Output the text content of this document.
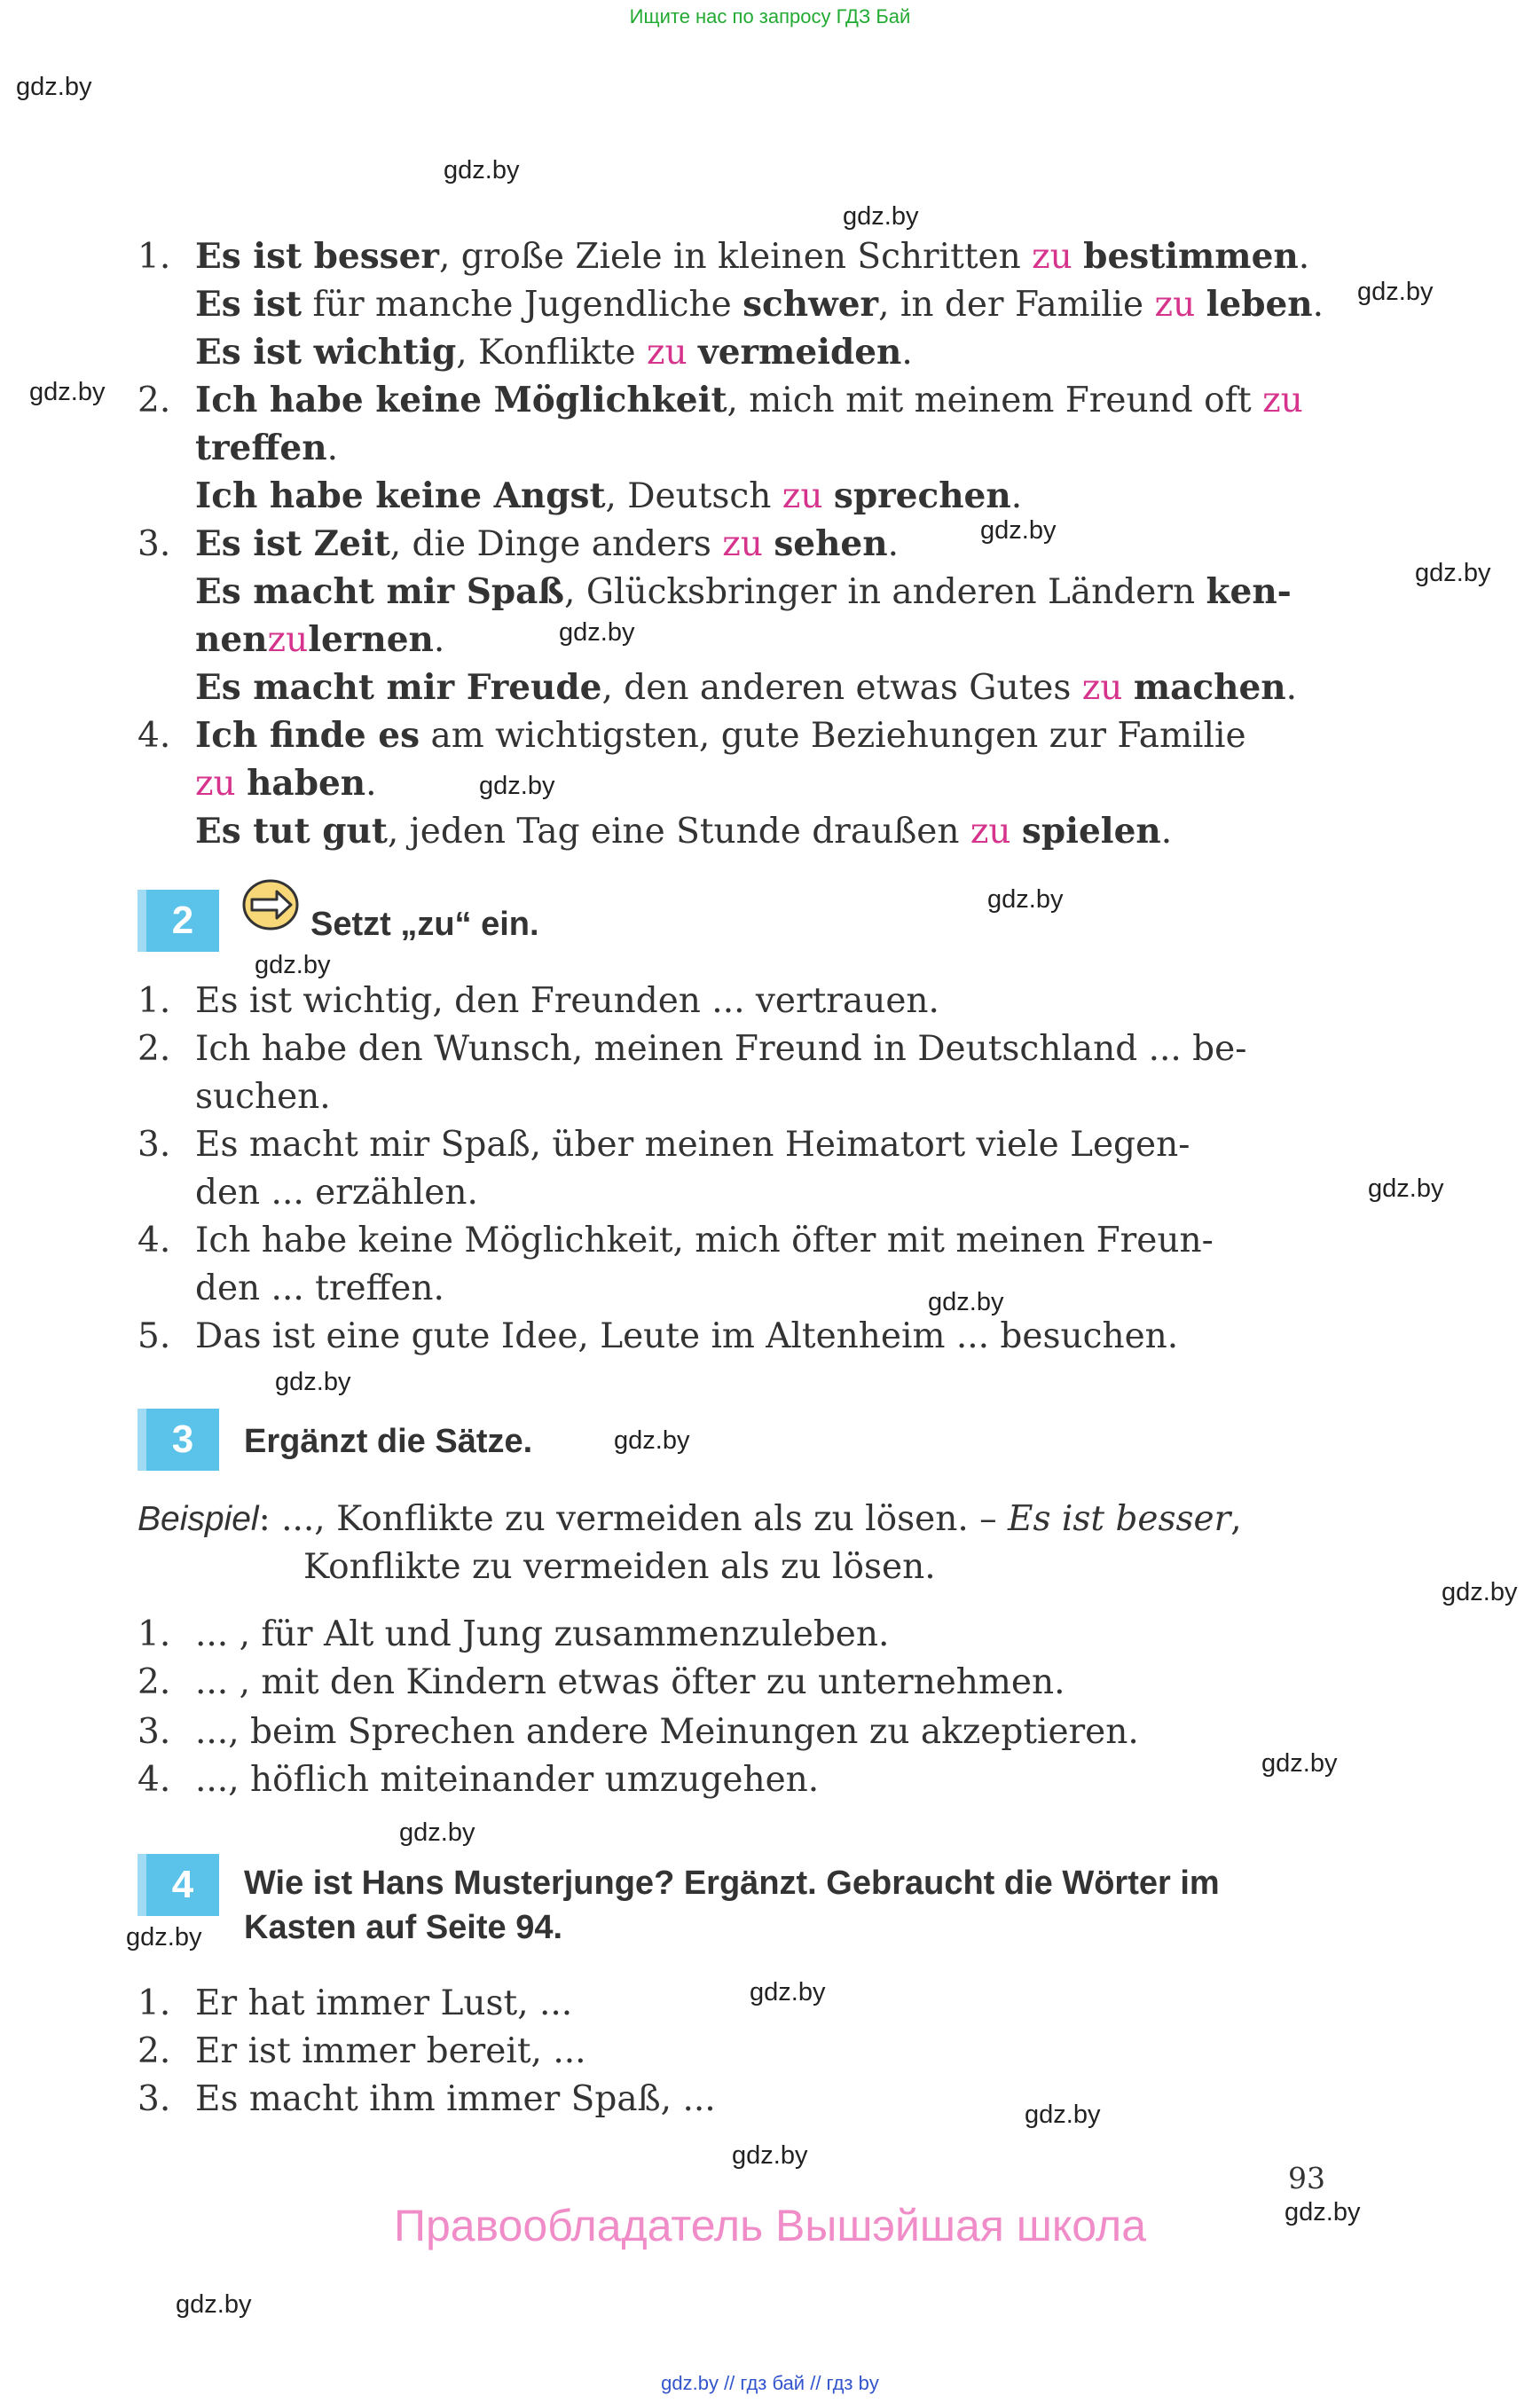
Ищите нас по запросу ГДЗ Бай
gdz.by
gdz.by
gdz.by
gdz.by
gdz.by
gdz.by
gdz.by
gdz.by
gdz.by
gdz.by
gdz.by
gdz.by
gdz.by
gdz.by
gdz.by
gdz.by
gdz.by
gdz.by
gdz.by
gdz.by
gdz.by
gdz.by
gdz.by
gdz.by
1. Es ist besser, große Ziele in kleinen Schritten zu bestimmen.
Es ist für manche Jugendliche schwer, in der Familie zu leben.
Es ist wichtig, Konflikte zu vermeiden.
2. Ich habe keine Möglichkeit, mich mit meinem Freund oft zu
treffen.
Ich habe keine Angst, Deutsch zu sprechen.
3. Es ist Zeit, die Dinge anders zu sehen.
Es macht mir Spaß, Glücksbringer in anderen Ländern ken-
nenzulernen.
Es macht mir Freude, den anderen etwas Gutes zu machen.
4. Ich finde es am wichtigsten, gute Beziehungen zur Familie
zu haben.
Es tut gut, jeden Tag eine Stunde draußen zu spielen.
2	Setzt „zu“ ein.
1. Es ist wichtig, den Freunden ... vertrauen.
2. Ich habe den Wunsch, meinen Freund in Deutschland ... be-
suchen.
3. Es macht mir Spaß, über meinen Heimatort viele Legen-
den ... erzählen.
4. Ich habe keine Möglichkeit, mich öfter mit meinen Freun-
den ... treffen.
5. Das ist eine gute Idee, Leute im Altenheim ... besuchen.
3	Ergänzt die Sätze.
Beispiel: ..., Konflikte zu vermeiden als zu lösen. – Es ist besser,
Konflikte zu vermeiden als zu lösen.
1. ... , für Alt und Jung zusammenzuleben.
2. ... , mit den Kindern etwas öfter zu unternehmen.
3. ..., beim Sprechen andere Meinungen zu akzeptieren.
4. ..., höflich miteinander umzugehen.
4	Wie ist Hans Musterjunge? Ergänzt. Gebraucht die Wörter im
Kasten auf Seite 94.
1. Er hat immer Lust, ...
2. Er ist immer bereit, ...
3. Es macht ihm immer Spaß, ...
93
Правообладатель Вышэйшая школа
gdz.by // гдз бай // гдз by
